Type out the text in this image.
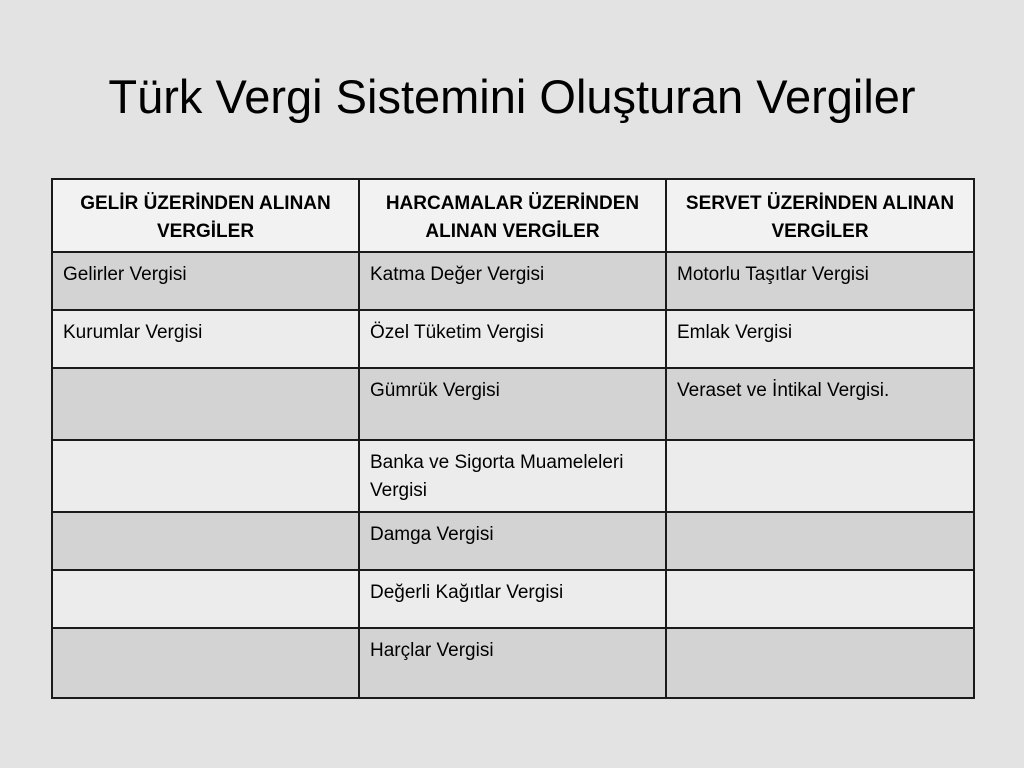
Türk Vergi Sistemini Oluşturan Vergiler
GELİR ÜZERİNDEN ALINAN VERGİLER	HARCAMALAR ÜZERİNDEN ALINAN VERGİLER	SERVET ÜZERİNDEN ALINAN VERGİLER
Gelirler Vergisi	Katma Değer Vergisi	Motorlu Taşıtlar Vergisi
Kurumlar Vergisi	Özel Tüketim Vergisi	Emlak Vergisi
	Gümrük Vergisi	Veraset ve İntikal Vergisi.
	Banka ve Sigorta Muameleleri Vergisi	
	Damga Vergisi	
	Değerli Kağıtlar Vergisi	
	Harçlar Vergisi	
